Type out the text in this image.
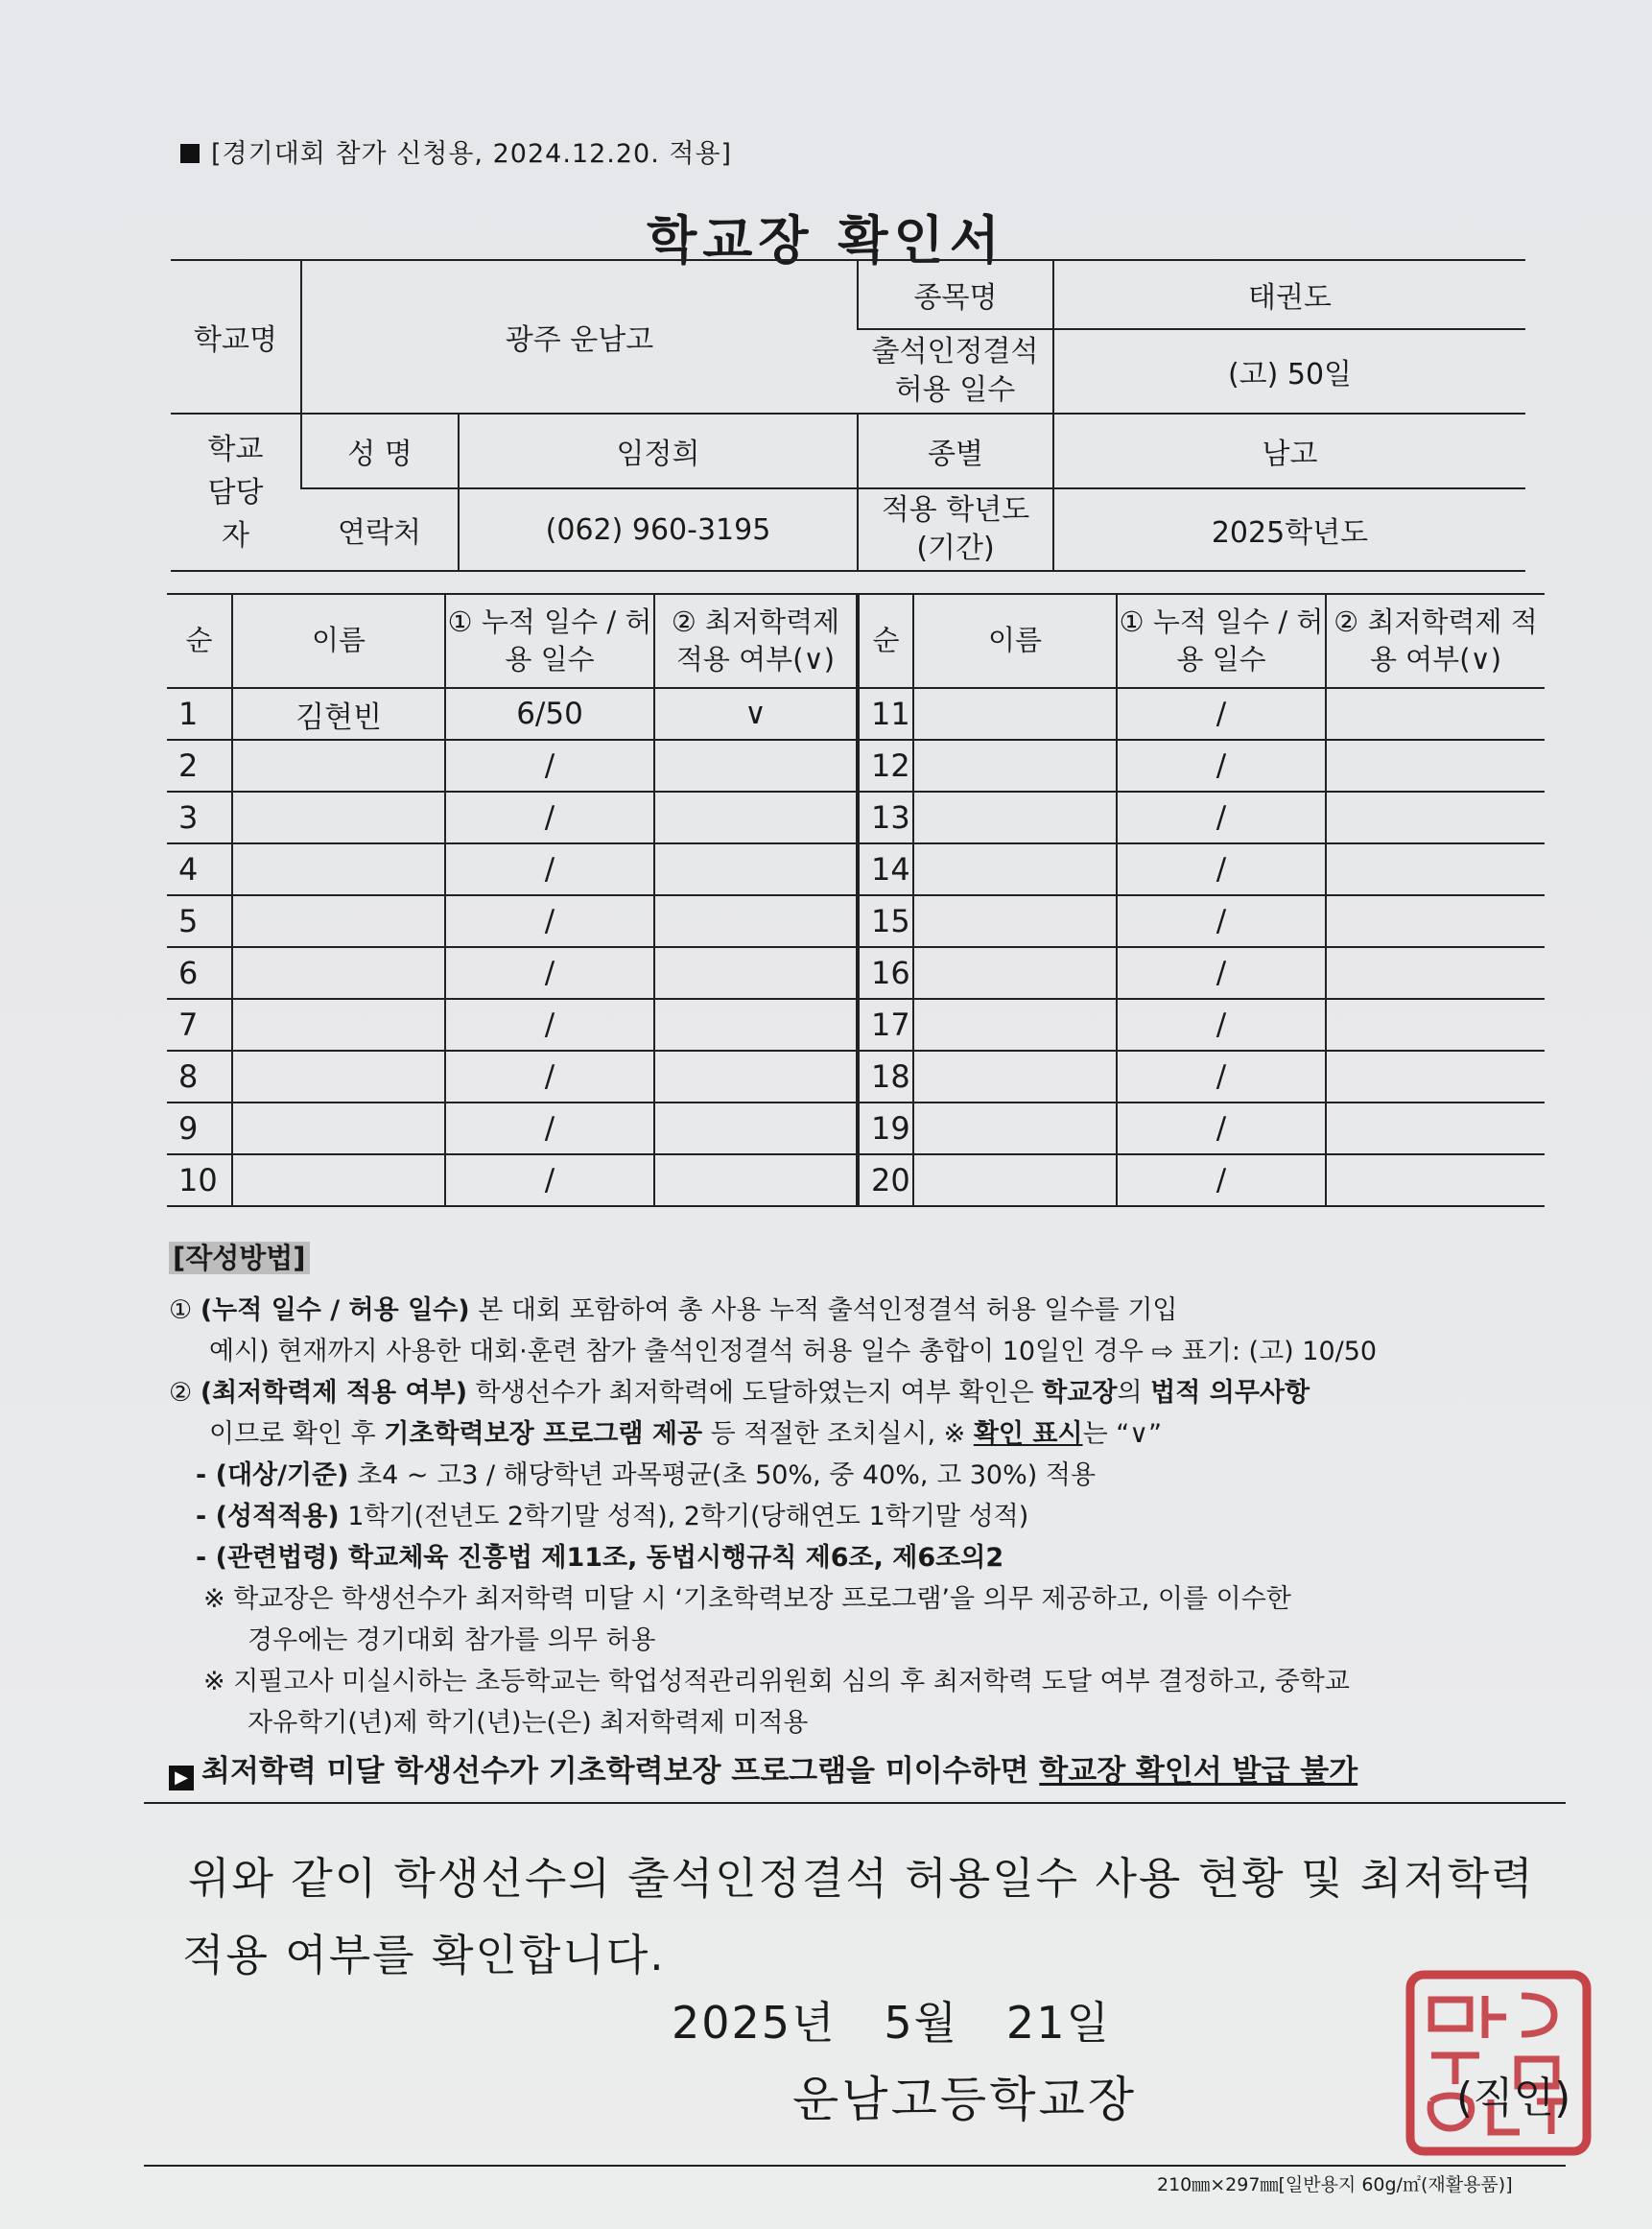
[경기대회 참가 신청용, 2024.12.20. 적용]
학교장 확인서
학교명	광주 운남고		종목명	태권도
			출석인정결석 허용 일수	(고) 50일
학교 담당자	성 명	임정희	종별	남고
	연락처	(062) 960-3195	적용 학년도 (기간)	2025학년도
순	이름	① 누적 일수 / 허용 일수	② 최저학력제 적용 여부(∨)	순	이름	① 누적 일수 / 허용 일수	② 최저학력제 적용 여부(∨)
1	김현빈	6/50	∨	11		/	
2		/		12		/	
3		/		13		/	
4		/		14		/	
5		/		15		/	
6		/		16		/	
7		/		17		/	
8		/		18		/	
9		/		19		/	
10		/		20		/	

[작성방법]

① (누적 일수 / 허용 일수) 본 대회 포함하여 총 사용 누적 출석인정결석 허용 일수를 기입

예시) 현재까지 사용한 대회·훈련 참가 출석인정결석 허용 일수 총합이 10일인 경우 ⇨ 표기: (고) 10/50

② (최저학력제 적용 여부) 학생선수가 최저학력에 도달하였는지 여부 확인은 학교장의 법적 의무사항

이므로 확인 후 기초학력보장 프로그램 제공 등 적절한 조치실시, ※ 확인 표시는 “∨”

- (대상/기준) 초4 ~ 고3 / 해당학년 과목평균(초 50%, 중 40%, 고 30%) 적용

- (성적적용) 1학기(전년도 2학기말 성적), 2학기(당해연도 1학기말 성적)

- (관련법령) 학교체육 진흥법 제11조, 동법시행규칙 제6조, 제6조의2

※ 학교장은 학생선수가 최저학력 미달 시 ‘기초학력보장 프로그램’을 의무 제공하고, 이를 이수한

경우에는 경기대회 참가를 의무 허용

※ 지필고사 미실시하는 초등학교는 학업성적관리위원회 심의 후 최저학력 도달 여부 결정하고, 중학교

자유학기(년)제 학기(년)는(은) 최저학력제 미적용

▶ 최저학력 미달 학생선수가 기초학력보장 프로그램을 미이수하면 학교장 확인서 발급 불가

위와 같이 학생선수의 출석인정결석 허용일수 사용 현황 및 최저학력

적용 여부를 확인합니다.

2025년   5월   21일
운남고등학교장	(직인)
210㎜×297㎜[일반용지 60g/㎡(재활용품)]
